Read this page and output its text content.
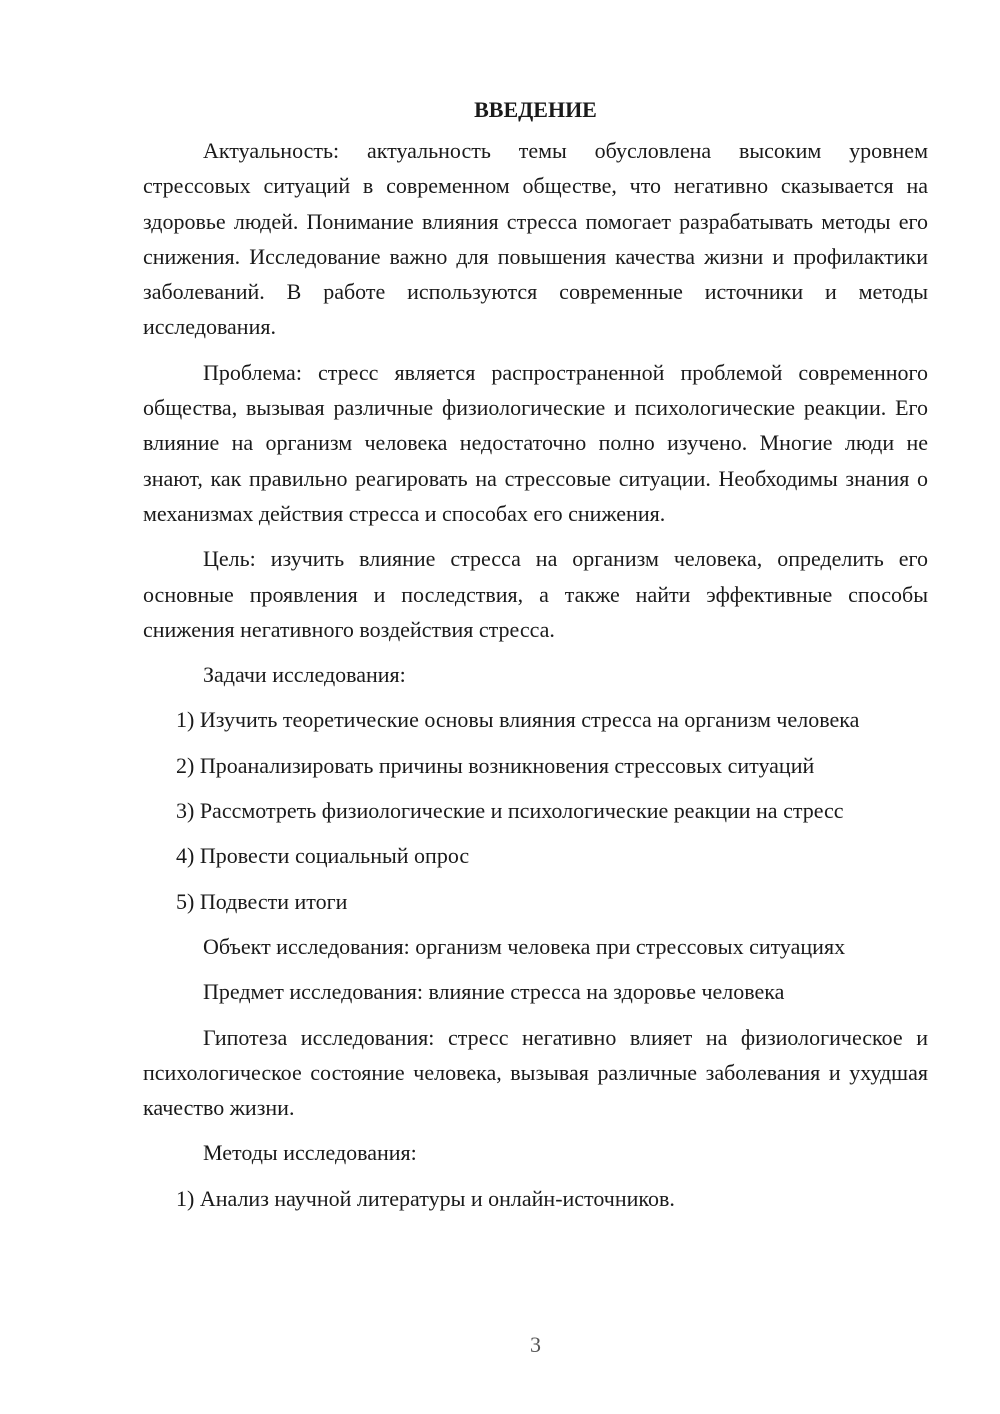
ВВЕДЕНИЕ

Актуальность: актуальность темы обусловлена высоким уровнем стрессовых ситуаций в современном обществе, что негативно сказывается на здоровье людей. Понимание влияния стресса помогает разрабатывать методы его снижения. Исследование важно для повышения качества жизни и профилактики заболеваний. В работе используются современные источники и методы исследования.

Проблема: стресс является распространенной проблемой современного общества, вызывая различные физиологические и психологические реакции. Его влияние на организм человека недостаточно полно изучено. Многие люди не знают, как правильно реагировать на стрессовые ситуации. Необходимы знания о механизмах действия стресса и способах его снижения.

Цель: изучить влияние стресса на организм человека, определить его основные проявления и последствия, а также найти эффективные способы снижения негативного воздействия стресса.

Задачи исследования:

1) Изучить теоретические основы влияния стресса на организм человека

2) Проанализировать причины возникновения стрессовых ситуаций

3) Рассмотреть физиологические и психологические реакции на стресс

4) Провести социальный опрос

5) Подвести итоги

Объект исследования: организм человека при стрессовых ситуациях

Предмет исследования: влияние стресса на здоровье человека

Гипотеза исследования: стресс негативно влияет на физиологическое и психологическое состояние человека, вызывая различные заболевания и ухудшая качество жизни.

Методы исследования:

1) Анализ научной литературы и онлайн-источников.

3
